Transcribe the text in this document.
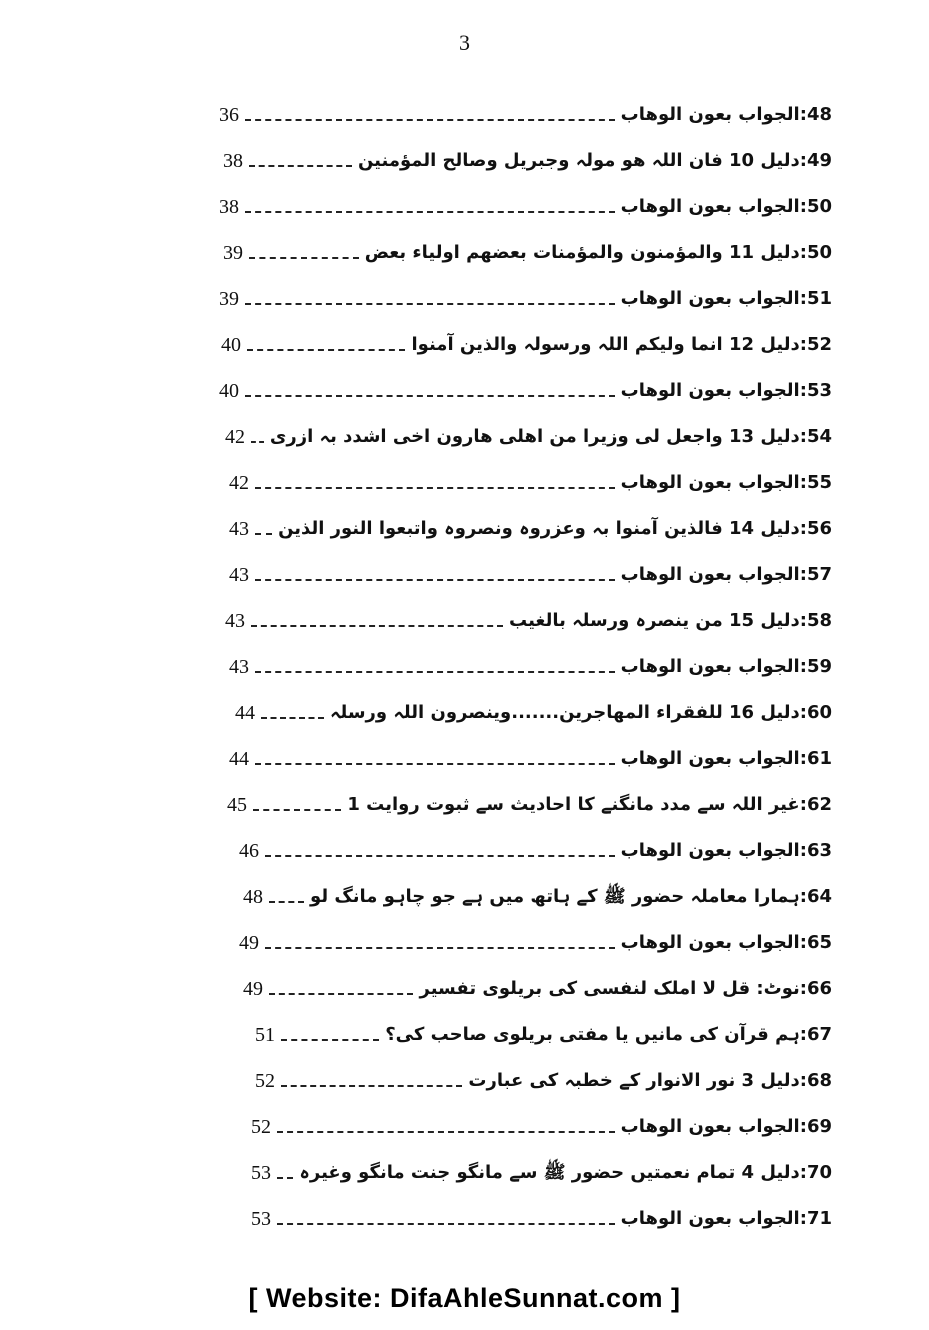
3
36	48:الجواب بعون الوھاب
38	49:دلیل 10 فان اللہ ھو مولہ وجبریل وصالح المؤمنین
38	50:الجواب بعون الوھاب
39	50:دلیل 11 والمؤمنون والمؤمنات بعضھم اولیاء بعض
39	51:الجواب بعون الوھاب
40	52:دلیل 12 انما ولیکم اللہ ورسولہ والذین آمنوا
40	53:الجواب بعون الوھاب
42 54:دلیل 13 واجعل لی وزیرا من اھلی ھارون اخی اشدد بہ ازری
42	55:الجواب بعون الوھاب
43 56:دلیل 14 فالذین آمنوا بہ وعزروہ ونصروہ واتبعوا النور الذین
43	57:الجواب بعون الوھاب
43	58:دلیل 15 من ینصرہ ورسلہ بالغیب
43	59:الجواب بعون الوھاب
44	60:دلیل 16 للفقراء المھاجرین.......وینصرون اللہ ورسلہ
44	61:الجواب بعون الوھاب
45	62:غیر اللہ سے مدد مانگنے کا احادیث سے ثبوت روایت 1
46	63:الجواب بعون الوھاب
48	64:ہمارا معاملہ حضور ﷺ کے ہاتھ میں ہے جو چاہو مانگ لو
49	65:الجواب بعون الوھاب
49	66:نوٹ: قل لا املک لنفسی کی بریلوی تفسیر
51	67:ہم قرآن کی مانیں یا مفتی بریلوی صاحب کی؟
52	68:دلیل 3 نور الانوار کے خطبہ کی عبارت
52	69:الجواب بعون الوھاب
53 70:دلیل 4 تمام نعمتیں حضور ﷺ سے مانگو جنت مانگو وغیرہ
53	71:الجواب بعون الوھاب
[ Website: DifaAhleSunnat.com ]
